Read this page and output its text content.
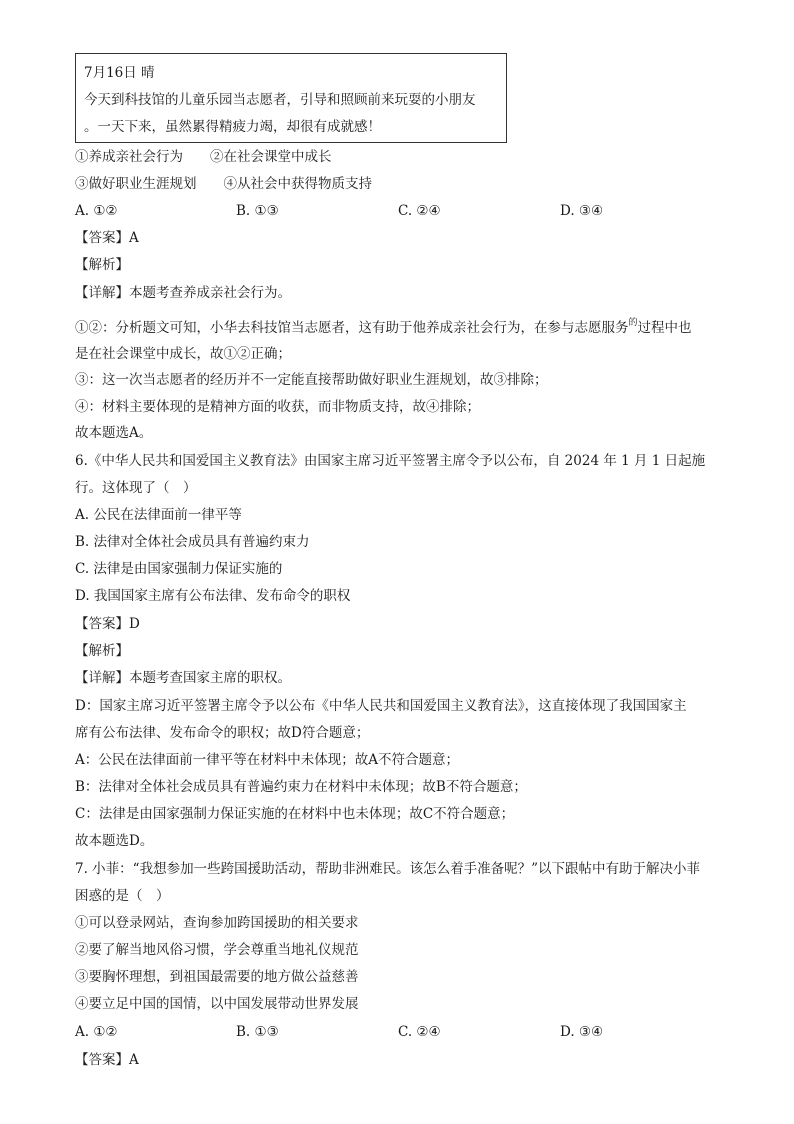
7月16日 晴
今天到科技馆的儿童乐园当志愿者，引导和照顾前来玩耍的小朋友
。一天下来，虽然累得精疲力竭，却很有成就感！
①养成亲社会行为　　②在社会课堂中成长
③做好职业生涯规划　　④从社会中获得物质支持
A. ①②	B. ①③	C. ②④	D. ③④
【答案】A
【解析】
【详解】本题考查养成亲社会行为。
①②：分析题文可知，小华去科技馆当志愿者，这有助于他养成亲社会行为，在参与志愿服务$^的$过程中也
是在社会课堂中成长，故①②正确；
③：这一次当志愿者的经历并不一定能直接帮助做好职业生涯规划，故③排除；
④：材料主要体现的是精神方面的收获，而非物质支持，故④排除；
故本题选A。
6.《中华人民共和国爱国主义教育法》由国家主席习近平签署主席令予以公布，自 2024 年 1 月 1 日起施
行。这体现了（　）
A. 公民在法律面前一律平等
B. 法律对全体社会成员具有普遍约束力
C. 法律是由国家强制力保证实施的
D. 我国国家主席有公布法律、发布命令的职权
【答案】D
【解析】
【详解】本题考查国家主席的职权。
D：国家主席习近平签署主席令予以公布《中华人民共和国爱国主义教育法》，这直接体现了我国国家主
席有公布法律、发布命令的职权；故D符合题意；
A：公民在法律面前一律平等在材料中未体现；故A不符合题意；
B：法律对全体社会成员具有普遍约束力在材料中未体现；故B不符合题意；
C：法律是由国家强制力保证实施的在材料中也未体现；故C不符合题意；
故本题选D。
7. 小菲：“我想参加一些跨国援助活动，帮助非洲难民。该怎么着手准备呢？”以下跟帖中有助于解决小菲
困惑的是（　）
①可以登录网站，查询参加跨国援助的相关要求
②要了解当地风俗习惯，学会尊重当地礼仪规范
③要胸怀理想，到祖国最需要的地方做公益慈善
④要立足中国的国情，以中国发展带动世界发展
A. ①②	B. ①③	C. ②④	D. ③④
【答案】A
